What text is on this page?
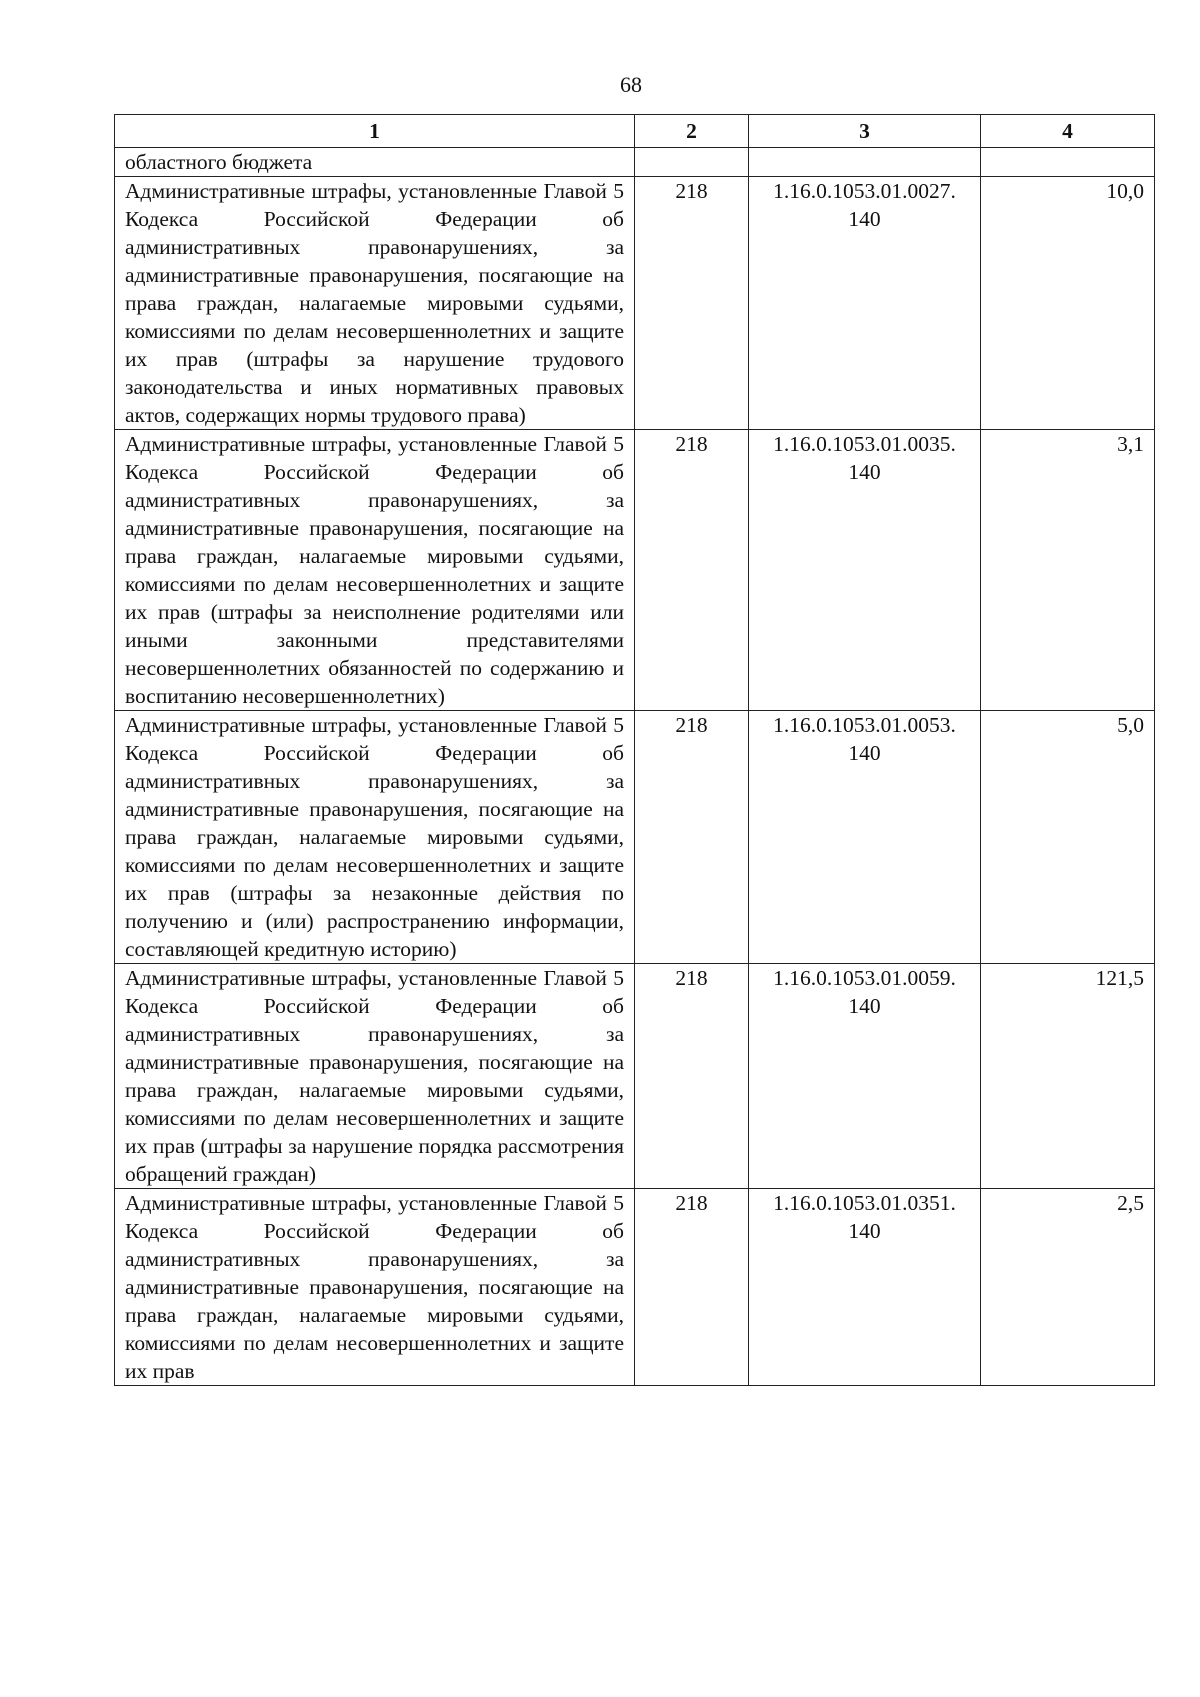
68
1	2	3	4
областного бюджета			
Административные штрафы, установленные Главой 5 Кодекса Российской Федерации об административных правонарушениях, за административные правонарушения, посягающие на права граждан, налагаемые мировыми судьями, комиссиями по делам несовершеннолетних и защите их прав (штрафы за нарушение трудового законодательства и иных нормативных правовых актов, содержащих нормы трудового права)	218	1.16.0.1053.01.0027. 140	10,0
Административные штрафы, установленные Главой 5 Кодекса Российской Федерации об административных правонарушениях, за административные правонарушения, посягающие на права граждан, налагаемые мировыми судьями, комиссиями по делам несовершеннолетних и защите их прав (штрафы за неисполнение родителями или иными законными представителями несовершеннолетних обязанностей по содержанию и воспитанию несовершеннолетних)	218	1.16.0.1053.01.0035. 140	3,1
Административные штрафы, установленные Главой 5 Кодекса Российской Федерации об административных правонарушениях, за административные правонарушения, посягающие на права граждан, налагаемые мировыми судьями, комиссиями по делам несовершеннолетних и защите их прав (штрафы за незаконные действия по получению и (или) распространению информации, составляющей кредитную историю)	218	1.16.0.1053.01.0053. 140	5,0
Административные штрафы, установленные Главой 5 Кодекса Российской Федерации об административных правонарушениях, за административные правонарушения, посягающие на права граждан, налагаемые мировыми судьями, комиссиями по делам несовершеннолетних и защите их прав (штрафы за нарушение порядка рассмотрения обращений граждан)	218	1.16.0.1053.01.0059. 140	121,5
Административные штрафы, установленные Главой 5 Кодекса Российской Федерации об административных правонарушениях, за административные правонарушения, посягающие на права граждан, налагаемые мировыми судьями, комиссиями по делам несовершеннолетних и защите их прав	218	1.16.0.1053.01.0351. 140	2,5
